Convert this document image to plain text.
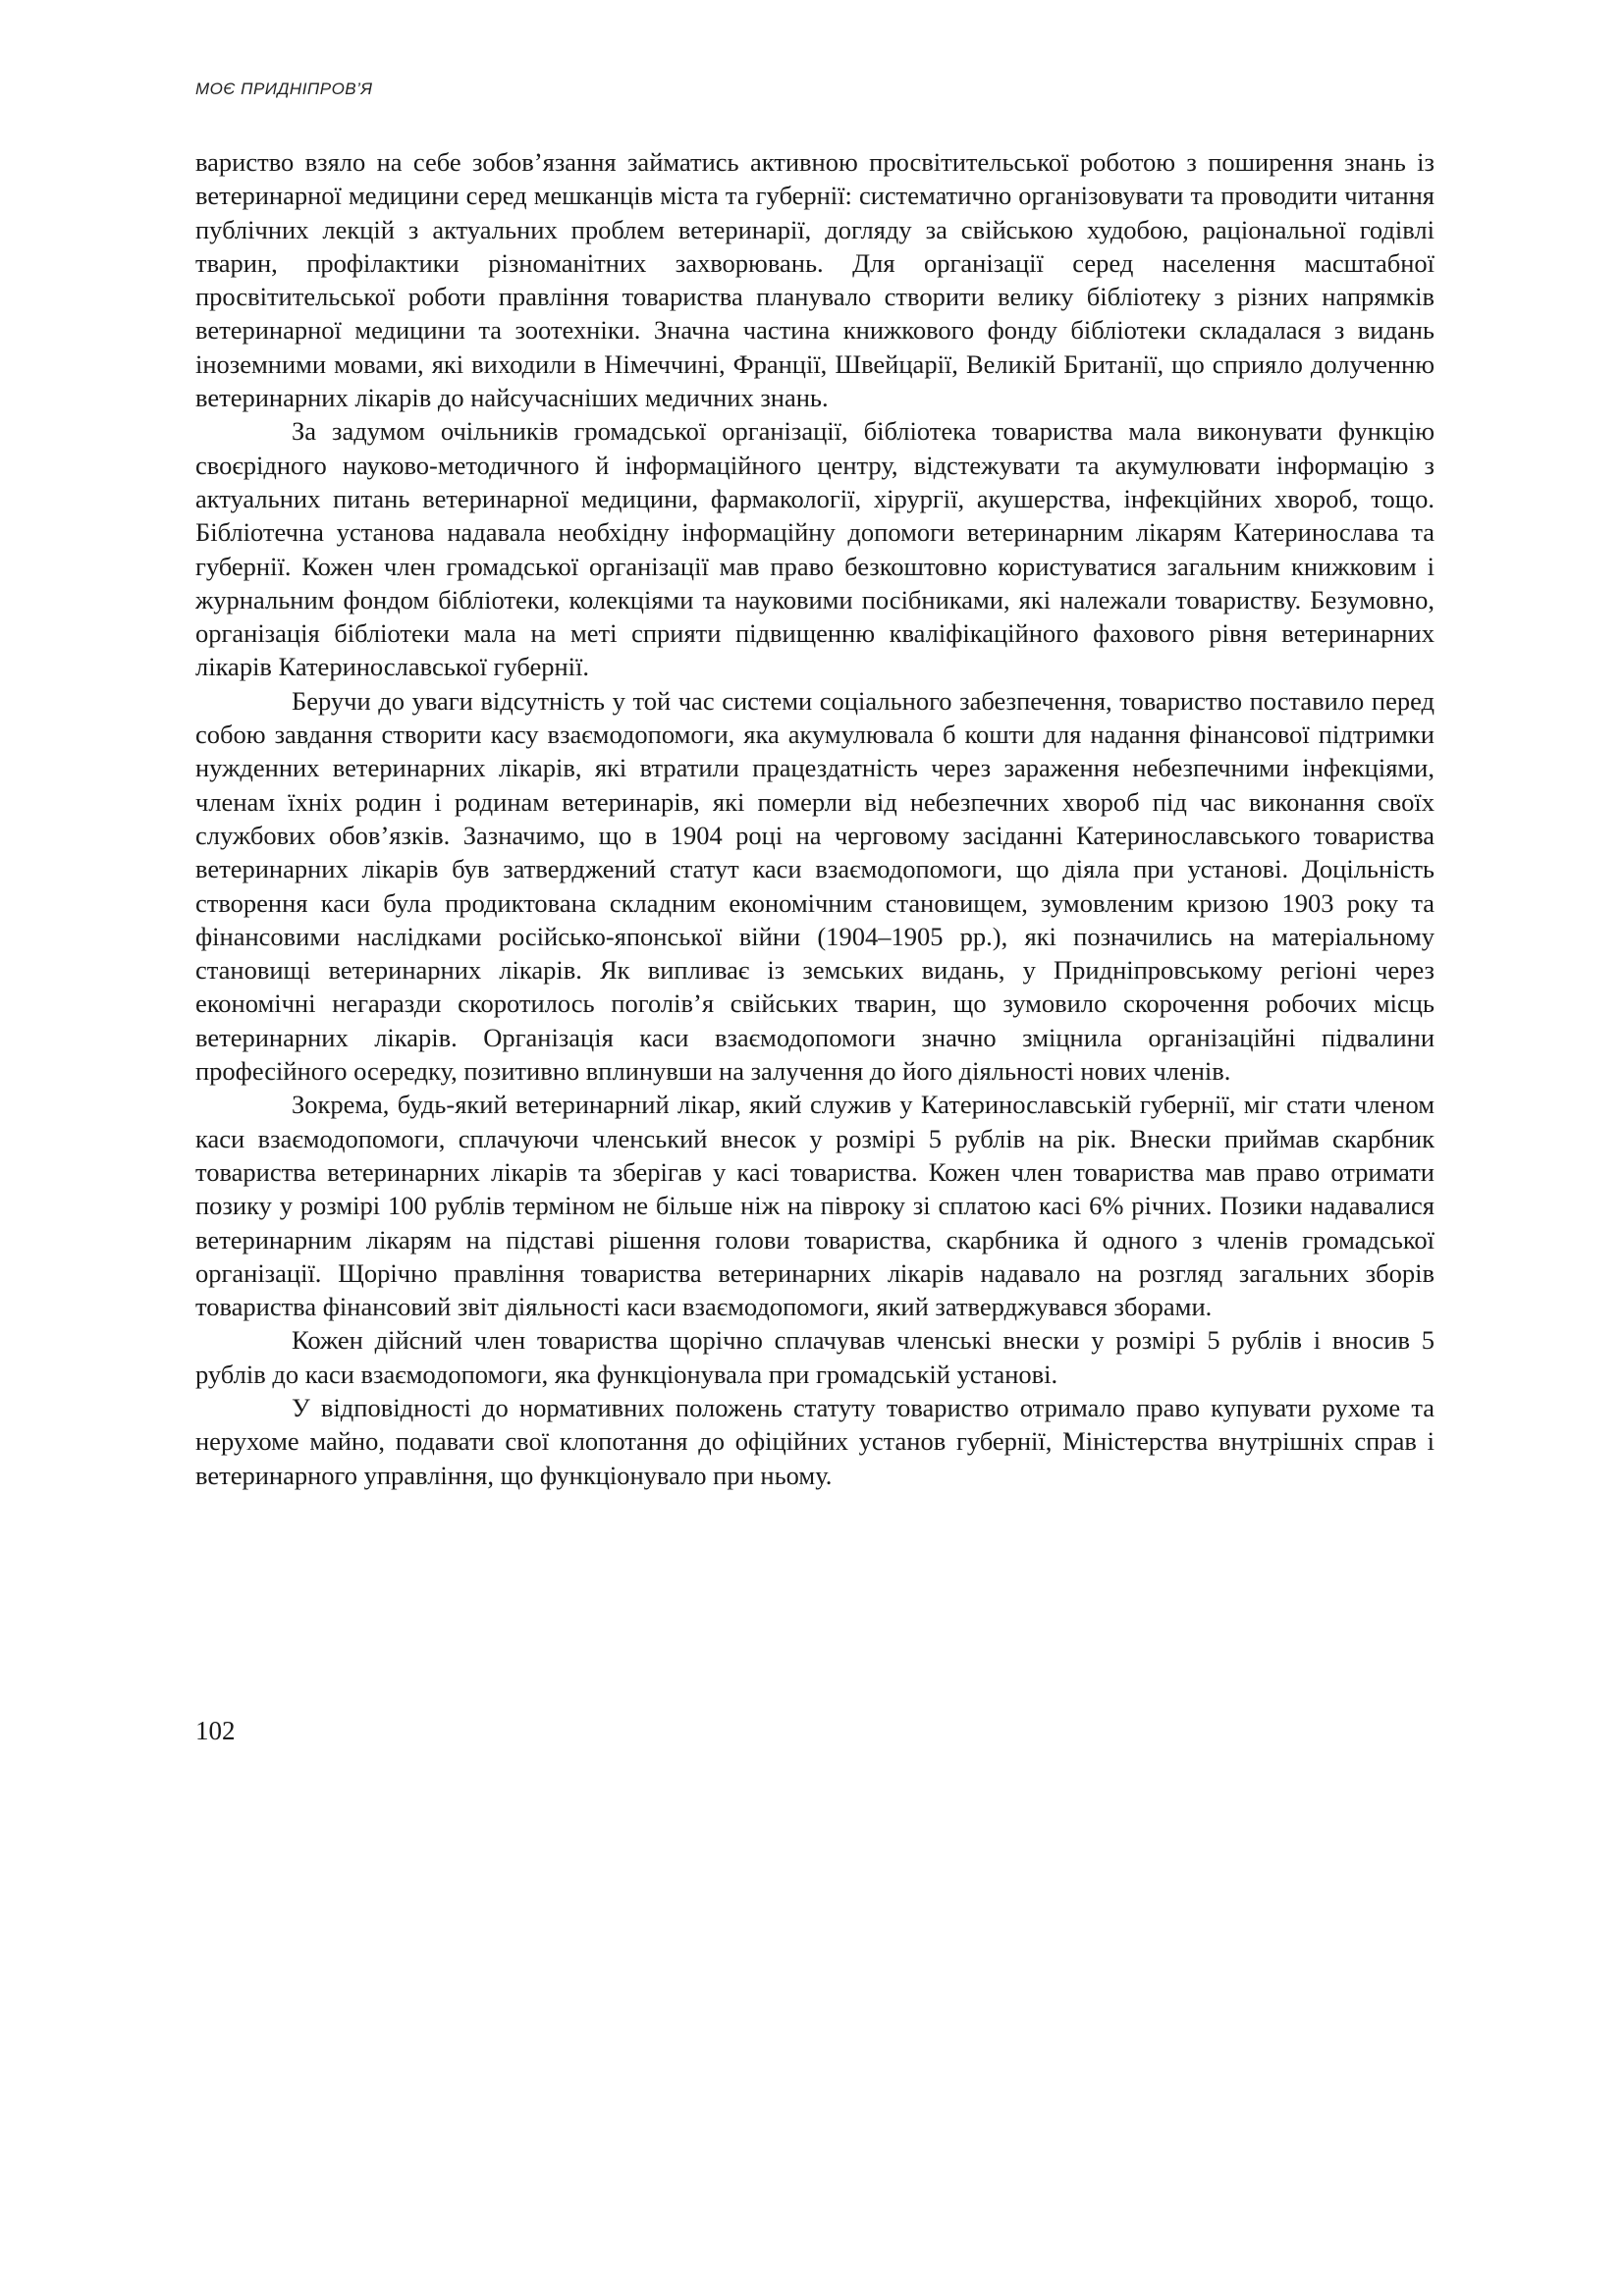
МОЄ ПРИДНІПРОВ’Я

вариство взяло на себе зобов’язання займатись активною просвітительської роботою з поширення знань із ветеринарної медицини серед мешканців міста та губернії: систематично організовувати та проводити читання публічних лекцій з актуальних проблем ветеринарії, догляду за свійською худобою, раціональної годівлі тварин, профілактики різноманітних захворювань. Для організації серед населення масштабної просвітительської роботи правління товариства планувало створити велику бібліотеку з різних напрямків ветеринарної медицини та зоотехніки. Значна частина книжкового фонду бібліотеки складалася з видань іноземними мовами, які виходили в Німеччині, Франції, Швейцарії, Великій Британії, що сприяло долученню ветеринарних лікарів до найсучасніших медичних знань.

За задумом очільників громадської організації, бібліотека товариства мала виконувати функцію своєрідного науково-методичного й інформаційного центру, відстежувати та акумулювати інформацію з актуальних питань ветеринарної медицини, фармакології, хірургії, акушерства, інфекційних хвороб, тощо. Бібліотечна установа надавала необхідну інформаційну допомоги ветеринарним лікарям Катеринослава та губернії. Кожен член громадської організації мав право безкоштовно користуватися загальним книжковим і журнальним фондом бібліотеки, колекціями та науковими посібниками, які належали товариству. Безумовно, організація бібліотеки мала на меті сприяти підвищенню кваліфікаційного фахового рівня ветеринарних лікарів Катеринославської губернії.

Беручи до уваги відсутність у той час системи соціального забезпечення, товариство поставило перед собою завдання створити касу взаємодопомоги, яка акумулювала б кошти для надання фінансової підтримки нужденних ветеринарних лікарів, які втратили працездатність через зараження небезпечними інфекціями, членам їхніх родин і родинам ветеринарів, які померли від небезпечних хвороб під час виконання своїх службових обов’язків. Зазначимо, що в 1904 році на черговому засіданні Катеринославського товариства ветеринарних лікарів був затверджений статут каси взаємодопомоги, що діяла при установі. Доцільність створення каси була продиктована складним економічним становищем, зумовленим кризою 1903 року та фінансовими наслідками російсько-японської війни (1904–1905 рр.), які позначились на матеріальному становищі ветеринарних лікарів. Як випливає із земських видань, у Придніпровському регіоні через економічні негаразди скоротилось поголів’я свійських тварин, що зумовило скорочення робочих місць ветеринарних лікарів. Організація каси взаємодопомоги значно зміцнила організаційні підвалини професійного осередку, позитивно вплинувши на залучення до його діяльності нових членів.

Зокрема, будь-який ветеринарний лікар, який служив у Катеринославській губернії, міг стати членом каси взаємодопомоги, сплачуючи членський внесок у розмірі 5 рублів на рік. Внески приймав скарбник товариства ветеринарних лікарів та зберігав у касі товариства. Кожен член товариства мав право отримати позику у розмірі 100 рублів терміном не більше ніж на півроку зі сплатою касі 6% річних. Позики надавалися ветеринарним лікарям на підставі рішення голови товариства, скарбника й одного з членів громадської організації. Щорічно правління товариства ветеринарних лікарів надавало на розгляд загальних зборів товариства фінансовий звіт діяльності каси взаємодопомоги, який затверджувався зборами.

Кожен дійсний член товариства щорічно сплачував членські внески у розмірі 5 рублів і вносив 5 рублів до каси взаємодопомоги, яка функціонувала при громадській установі.

У відповідності до нормативних положень статуту товариство отримало право купувати рухоме та нерухоме майно, подавати свої клопотання до офіційних установ губернії, Міністерства внутрішніх справ і ветеринарного управління, що функціонувало при ньому.

102
